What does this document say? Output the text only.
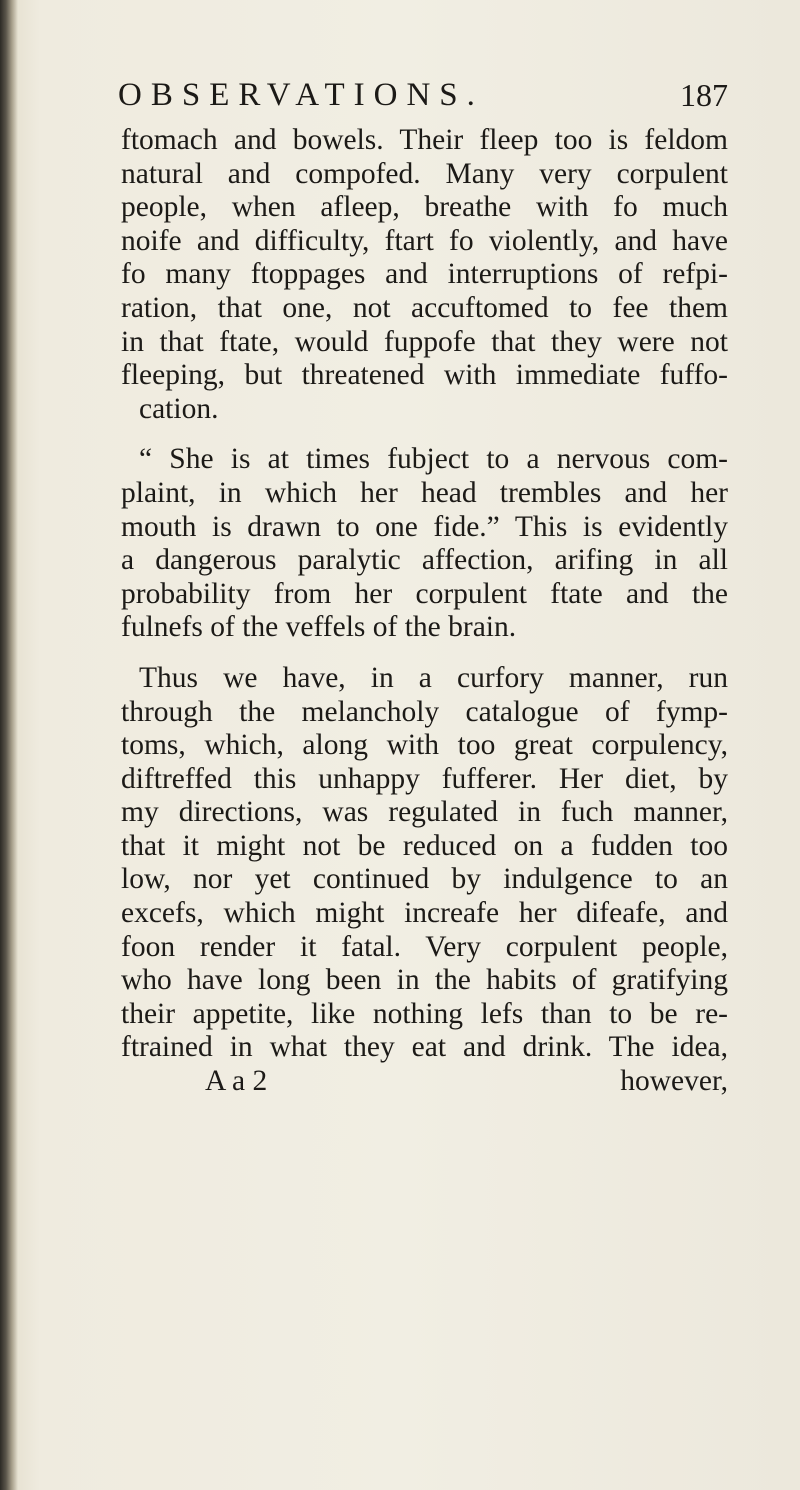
OBSERVATIONS.	187
ftomach and bowels. Their fleep too is feldom
natural and compofed. Many very corpulent
people, when afleep, breathe with fo much
noife and difficulty, ftart fo violently, and have
fo many ftoppages and interruptions of refpi-
ration, that one, not accuftomed to fee them
in that ftate, would fuppofe that they were not
fleeping, but threatened with immediate fuffo-
cation.
“ She is at times fubject to a nervous com-
plaint, in which her head trembles and her
mouth is drawn to one fide.” This is evidently
a dangerous paralytic affection, arifing in all
probability from her corpulent ftate and the
fulnefs of the veffels of the brain.
Thus we have, in a curfory manner, run
through the melancholy catalogue of fymp-
toms, which, along with too great corpulency,
diftreffed this unhappy fufferer. Her diet, by
my directions, was regulated in fuch manner,
that it might not be reduced on a fudden too
low, nor yet continued by indulgence to an
excefs, which might increafe her difeafe, and
foon render it fatal. Very corpulent people,
who have long been in the habits of gratifying
their appetite, like nothing lefs than to be re-
ftrained in what they eat and drink. The idea,
A a 2	however,
